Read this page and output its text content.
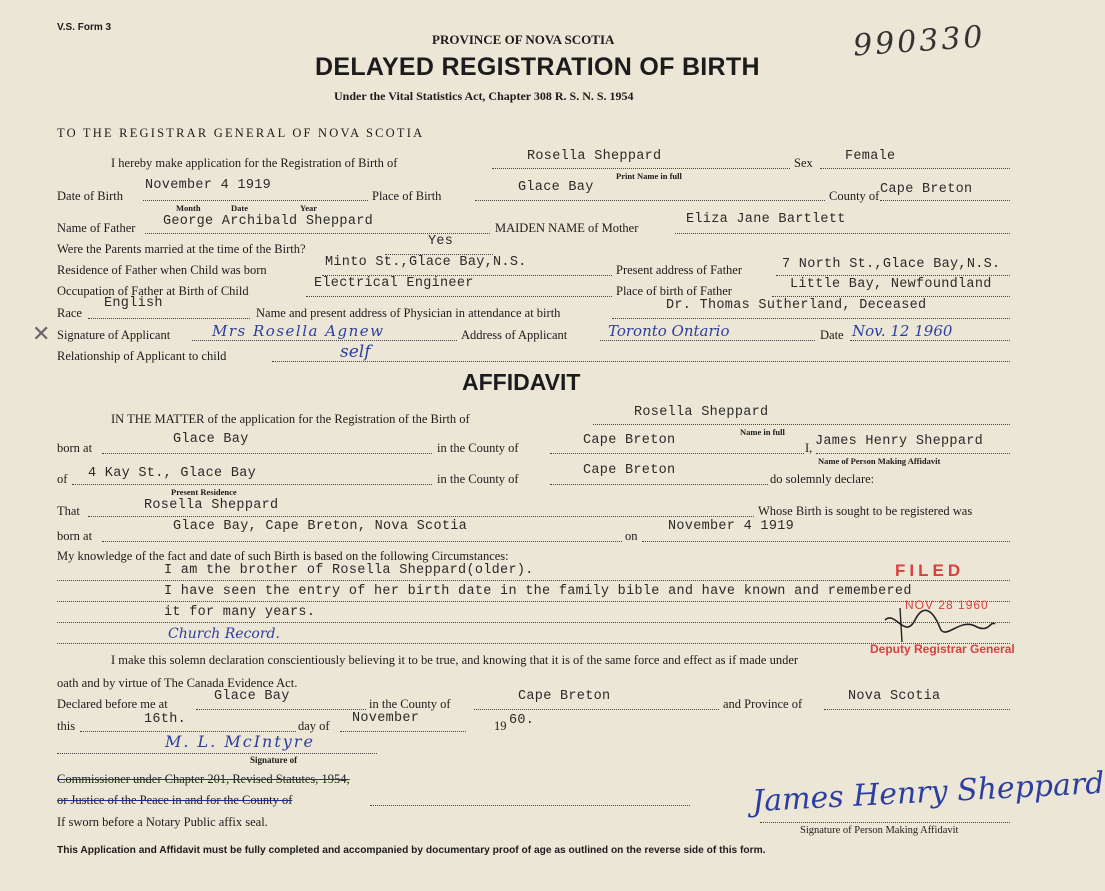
V.S. Form 3	990330
PROVINCE OF NOVA SCOTIA
DELAYED REGISTRATION OF BIRTH
Under the Vital Statistics Act, Chapter 308 R. S. N. S. 1954
TO THE REGISTRAR GENERAL OF NOVA SCOTIA
I hereby make application for the Registration of Birth of	Rosella Sheppard
Print Name in full
Sex Female
Date of Birth
November 4 1919
Month	Date	Year
Place of Birth
Glace Bay
County of Cape Breton
Name of Father George Archibald Sheppard	MAIDEN NAME of Mother
Eliza Jane Bartlett
Were the Parents married at the time of the Birth?	Yes
Residence of Father when Child was born	Minto St.,Glace Bay,N.S.	Present address of Father	7 North St.,Glace Bay,N.S.
Occupation of Father at Birth of Child	Electrical Engineer	Place of birth of Father	Little Bay, Newfoundland
Race
English
Name and present address of Physician in attendance at birth	Dr. Thomas Sutherland, Deceased
✕ Signature of Applicant	Mrs Rosella Agnew	Address of Applicant	Toronto Ontario	Date Nov. 12 1960
Relationship of Applicant to child	self
AFFIDAVIT
IN THE MATTER of the application for the Registration of the Birth of	Rosella Sheppard
Name in full
born at
Glace Bay
in the County of	Cape Breton	I, James Henry Sheppard
Name of Person Making Affidavit
of 4 Kay St., Glace Bay
Present Residence
in the County of
Cape Breton
do solemnly declare:
That	Rosella Sheppard	Whose Birth is sought to be registered was
born at
Glace Bay, Cape Breton, Nova Scotia
on
November 4 1919
My knowledge of the fact and date of such Birth is based on the following Circumstances:
I am the brother of Rosella Sheppard(older).
I have seen the entry of her birth date in the family bible and have known and remembered
it for many years.
Church Record.
FILED
NOV 28 1960
Deputy Registrar General
I make this solemn declaration conscientiously believing it to be true, and knowing that it is of the same force and effect as if made under
oath and by virtue of The Canada Evidence Act.
Declared before me at	Glace Bay	in the County of	Cape Breton	and Province of	Nova Scotia
this	16th.	day of November	19 60.
M. L. McIntyre
Signature of
Commissioner under Chapter 201, Revised Statutes, 1954,
or Justice of the Peace in and for the County of
If sworn before a Notary Public affix seal.
James Henry Sheppard
Signature of Person Making Affidavit
This Application and Affidavit must be fully completed and accompanied by documentary proof of age as outlined on the reverse side of this form.
